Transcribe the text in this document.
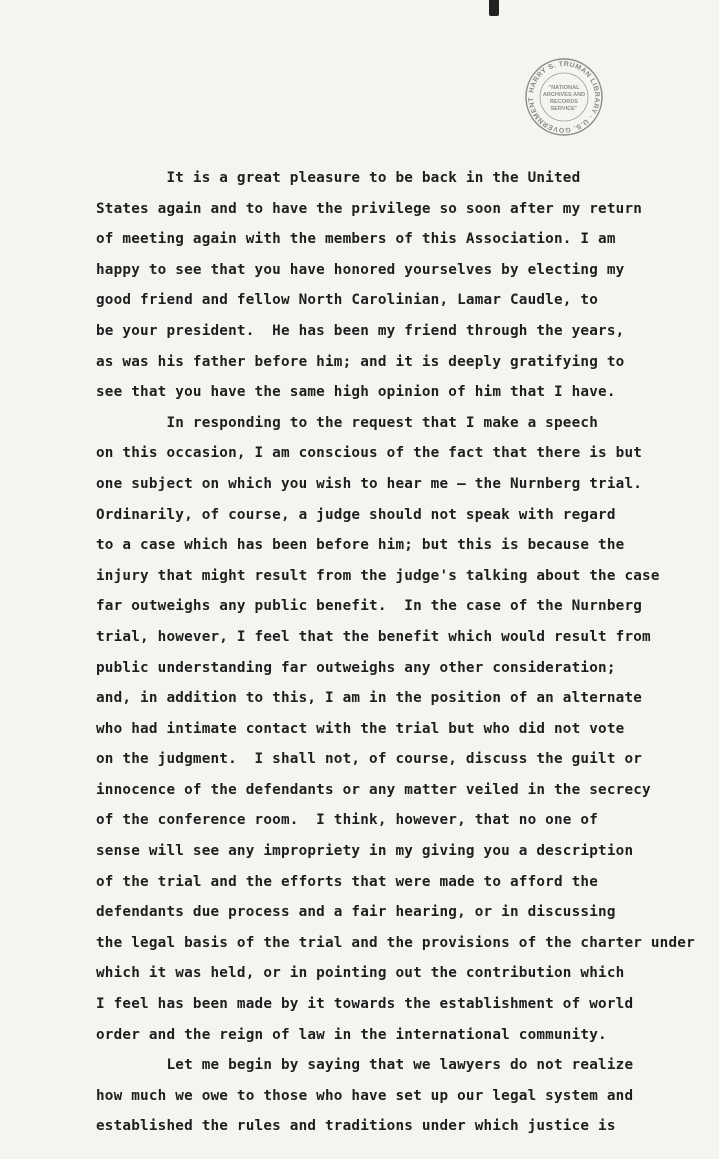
HARRY S. TRUMAN LIBRARY · U.S. GOVERNMENT
"NATIONAL
ARCHIVES AND
RECORDS
SERVICE"
It is a great pleasure to be back in the United
States again and to have the privilege so soon after my return
of meeting again with the members of this Association. I am
happy to see that you have honored yourselves by electing my
good friend and fellow North Carolinian, Lamar Caudle, to
be your president.  He has been my friend through the years,
as was his father before him; and it is deeply gratifying to
see that you have the same high opinion of him that I have.
In responding to the request that I make a speech
on this occasion, I am conscious of the fact that there is but
one subject on which you wish to hear me — the Nurnberg trial.
Ordinarily, of course, a judge should not speak with regard
to a case which has been before him; but this is because the
injury that might result from the judge's talking about the case
far outweighs any public benefit.  In the case of the Nurnberg
trial, however, I feel that the benefit which would result from
public understanding far outweighs any other consideration;
and, in addition to this, I am in the position of an alternate
who had intimate contact with the trial but who did not vote
on the judgment.  I shall not, of course, discuss the guilt or
innocence of the defendants or any matter veiled in the secrecy
of the conference room.  I think, however, that no one of
sense will see any impropriety in my giving you a description
of the trial and the efforts that were made to afford the
defendants due process and a fair hearing, or in discussing
the legal basis of the trial and the provisions of the charter under
which it was held, or in pointing out the contribution which
I feel has been made by it towards the establishment of world
order and the reign of law in the international community.
Let me begin by saying that we lawyers do not realize
how much we owe to those who have set up our legal system and
established the rules and traditions under which justice is
